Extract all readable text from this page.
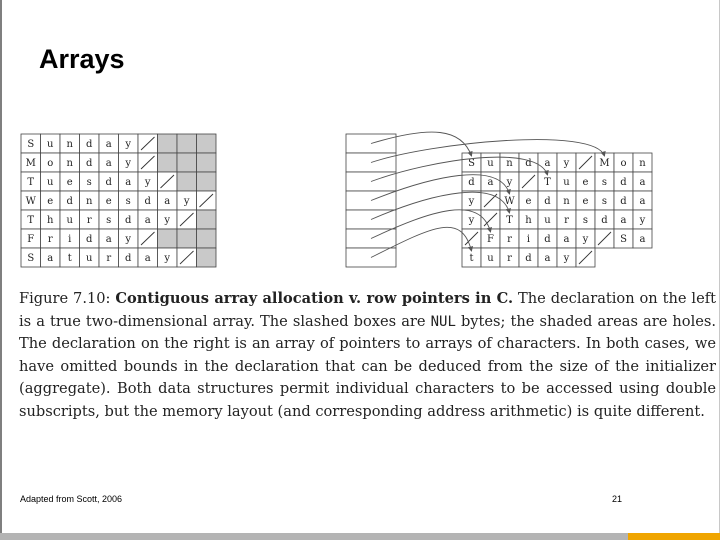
Arrays
S u n d a y
M o n d a y
T u e s d a y
W e d n e s d a y
T h u r s d a y
F r i d a y
S a t u r d a y
S u n d a y	M o n
d a y	T u e s d a
y	W e d n e s d a
y	T h u r s d a y
F r i d a y	S a
t u r d a y
Figure 7.10: Contiguous array allocation v. row pointers in C. The declaration on the left is a true two-dimensional array. The slashed boxes are NUL bytes; the shaded areas are holes. The declaration on the right is an array of pointers to arrays of characters. In both cases, we have omitted bounds in the declaration that can be deduced from the size of the initializer (aggregate). Both data structures permit individual characters to be accessed using double subscripts, but the memory layout (and corresponding address arithmetic) is quite different.
Adapted from Scott, 2006	21
